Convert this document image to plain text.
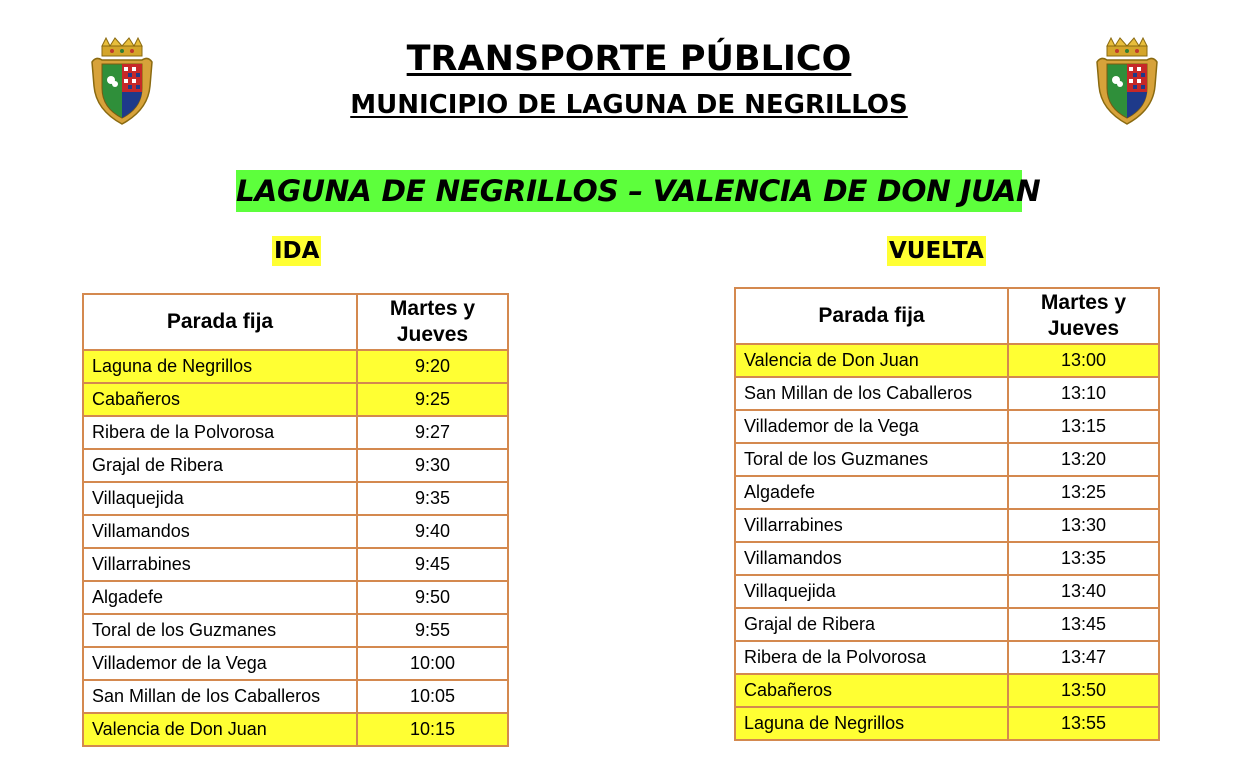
TRANSPORTE PÚBLICO
MUNICIPIO DE LAGUNA DE NEGRILLOS
LAGUNA DE NEGRILLOS – VALENCIA DE DON JUAN
IDA	VUELTA
Parada fija	Martes y
Jueves
Laguna de Negrillos	9:20
Cabañeros	9:25
Ribera de la Polvorosa	9:27
Grajal de Ribera	9:30
Villaquejida	9:35
Villamandos	9:40
Villarrabines	9:45
Algadefe	9:50
Toral de los Guzmanes	9:55
Villademor de la Vega	10:00
San Millan de los Caballeros	10:05
Valencia de Don Juan	10:15
Parada fija	Martes y
Jueves
Valencia de Don Juan	13:00
San Millan de los Caballeros	13:10
Villademor de la Vega	13:15
Toral de los Guzmanes	13:20
Algadefe	13:25
Villarrabines	13:30
Villamandos	13:35
Villaquejida	13:40
Grajal de Ribera	13:45
Ribera de la Polvorosa	13:47
Cabañeros	13:50
Laguna de Negrillos	13:55
